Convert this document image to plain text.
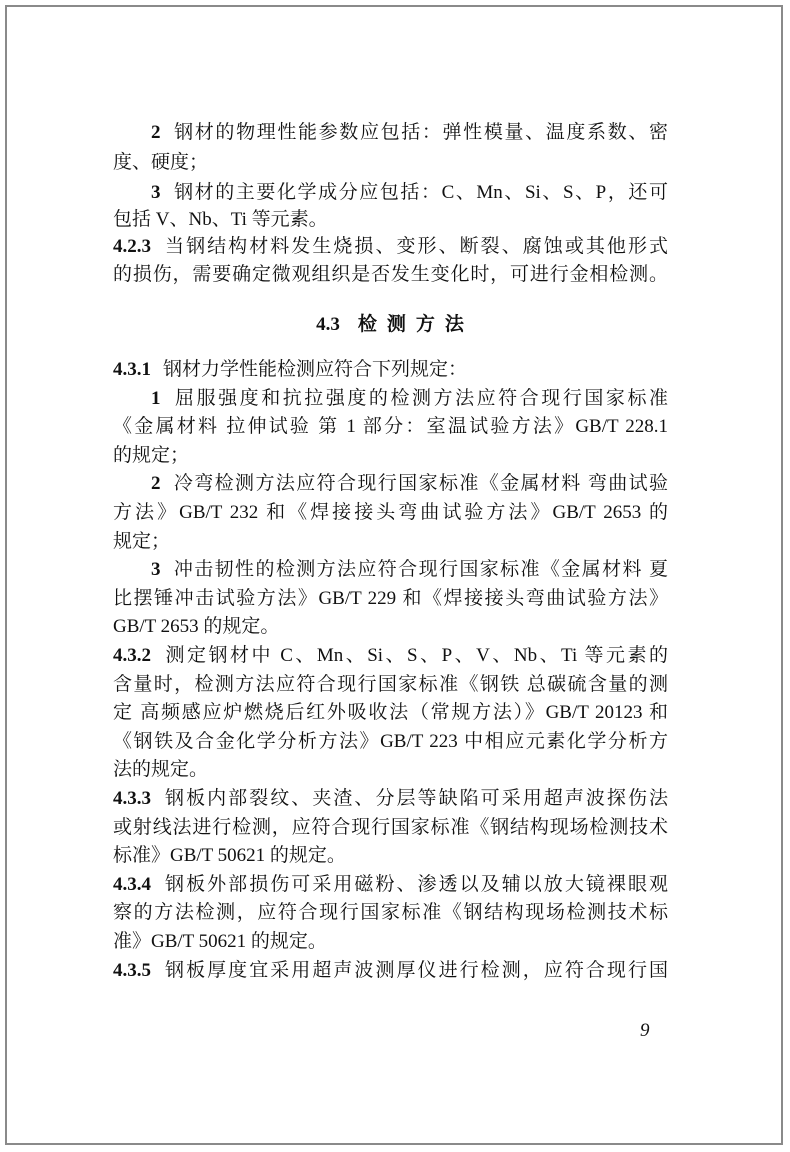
2 钢材的物理性能参数应包括：弹性模量、温度系数、密
度、硬度；
3 钢材的主要化学成分应包括：C、Mn、Si、S、P，还可
包括 V、Nb、Ti 等元素。
4.2.3 当钢结构材料发生烧损、变形、断裂、腐蚀或其他形式
的损伤，需要确定微观组织是否发生变化时，可进行金相检测。
4.3 检测方法
4.3.1 钢材力学性能检测应符合下列规定：
1 屈服强度和抗拉强度的检测方法应符合现行国家标准
《金属材料 拉伸试验 第 1 部分：室温试验方法》GB/T 228.1
的规定；
2 冷弯检测方法应符合现行国家标准《金属材料 弯曲试验
方法》GB/T 232 和《焊接接头弯曲试验方法》GB/T 2653 的
规定；
3 冲击韧性的检测方法应符合现行国家标准《金属材料 夏
比摆锤冲击试验方法》GB/T 229 和《焊接接头弯曲试验方法》
GB/T 2653 的规定。
4.3.2 测定钢材中 C、Mn、Si、S、P、V、Nb、Ti 等元素的
含量时，检测方法应符合现行国家标准《钢铁 总碳硫含量的测
定 高频感应炉燃烧后红外吸收法（常规方法）》GB/T 20123 和
《钢铁及合金化学分析方法》GB/T 223 中相应元素化学分析方
法的规定。
4.3.3 钢板内部裂纹、夹渣、分层等缺陷可采用超声波探伤法
或射线法进行检测，应符合现行国家标准《钢结构现场检测技术
标准》GB/T 50621 的规定。
4.3.4 钢板外部损伤可采用磁粉、渗透以及辅以放大镜裸眼观
察的方法检测，应符合现行国家标准《钢结构现场检测技术标
准》GB/T 50621 的规定。
4.3.5 钢板厚度宜采用超声波测厚仪进行检测，应符合现行国
9
